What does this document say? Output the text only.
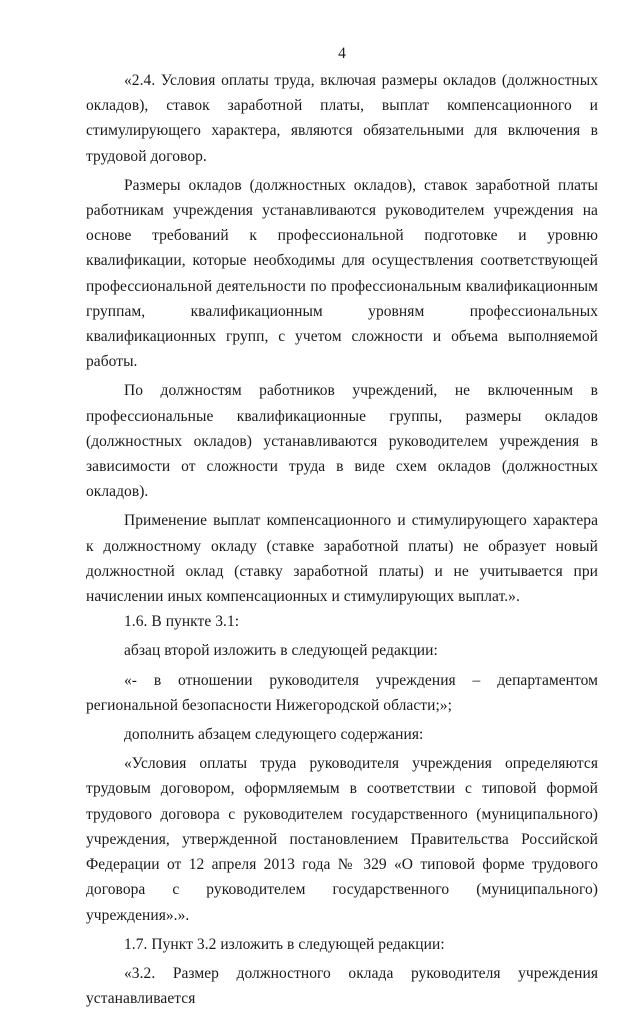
4

«2.4. Условия оплаты труда, включая размеры окладов (должностных окладов), ставок заработной платы, выплат компенсационного и стимулирующего характера, являются обязательными для включения в трудовой договор.

Размеры окладов (должностных окладов), ставок заработной платы работникам учреждения устанавливаются руководителем учреждения на основе требований к профессиональной подготовке и уровню квалификации, которые необходимы для осуществления соответствующей профессиональной деятельности по профессиональным квалификационным группам, квалификационным уровням профессиональных квалификационных групп, с учетом сложности и объема выполняемой работы.

По должностям работников учреждений, не включенным в профессиональные квалификационные группы, размеры окладов (должностных окладов) устанавливаются руководителем учреждения в зависимости от сложности труда в виде схем окладов (должностных окладов).

Применение выплат компенсационного и стимулирующего характера к должностному окладу (ставке заработной платы) не образует новый должностной оклад (ставку заработной платы) и не учитывается при начислении иных компенсационных и стимулирующих выплат.».

1.6. В пункте 3.1:

абзац второй изложить в следующей редакции:

«- в отношении руководителя учреждения – департаментом региональной безопасности Нижегородской области;»;

дополнить абзацем следующего содержания:

«Условия оплаты труда руководителя учреждения определяются трудовым договором, оформляемым в соответствии с типовой формой трудового договора с руководителем государственного (муниципального) учреждения, утвержденной постановлением Правительства Российской Федерации от 12 апреля 2013 года № 329 «О типовой форме трудового договора с руководителем государственного (муниципального) учреждения».».

1.7. Пункт 3.2 изложить в следующей редакции:

«3.2. Размер должностного оклада руководителя учреждения устанавливается
